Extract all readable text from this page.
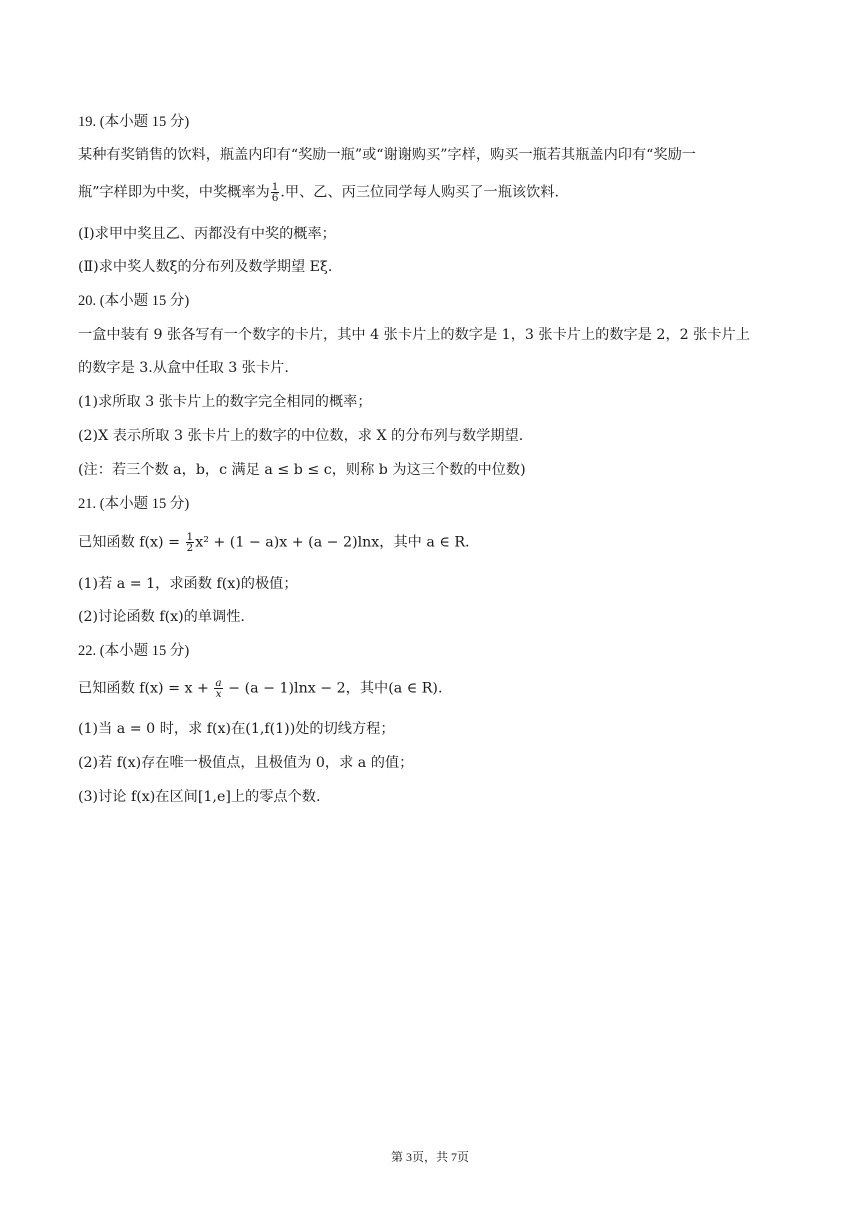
19. (本小题 15 分)
某种有奖销售的饮料，瓶盖内印有“奖励一瓶”或“谢谢购买”字样，购买一瓶若其瓶盖内印有“奖励一
瓶”字样即为中奖，中奖概率为 $\frac{1}{6}$ .甲、乙、丙三位同学每人购买了一瓶该饮料.
(Ⅰ)求甲中奖且乙、丙都没有中奖的概率；
(Ⅱ)求中奖人数ξ的分布列及数学期望 Eξ.
20. (本小题 15 分)
一盒中装有 9 张各写有一个数字的卡片，其中 4 张卡片上的数字是 1，3 张卡片上的数字是 2，2 张卡片上
的数字是 3.从盒中任取 3 张卡片.
(1)求所取 3 张卡片上的数字完全相同的概率；
(2)X 表示所取 3 张卡片上的数字的中位数，求 X 的分布列与数学期望.
(注：若三个数 a，b，c 满足 a ≤ b ≤ c，则称 b 为这三个数的中位数)
21. (本小题 15 分)
已知函数 $f(x) = \frac{1}{2} x^2 + (1 - a)x + (a - 2)\ln x$，其中 a ∈ R.
(1)若 a = 1，求函数 f(x)的极值；
(2)讨论函数 f(x)的单调性.
22. (本小题 15 分)
已知函数 $f(x) = x + \frac{a}{x} - (a - 1)\ln x - 2$，其中(a ∈ R).
(1)当 a = 0 时，求 f(x)在(1,f(1))处的切线方程；
(2)若 f(x)存在唯一极值点，且极值为 0，求 a 的值；
(3)讨论 f(x)在区间[1,e]上的零点个数.
第 3页，共 7页
